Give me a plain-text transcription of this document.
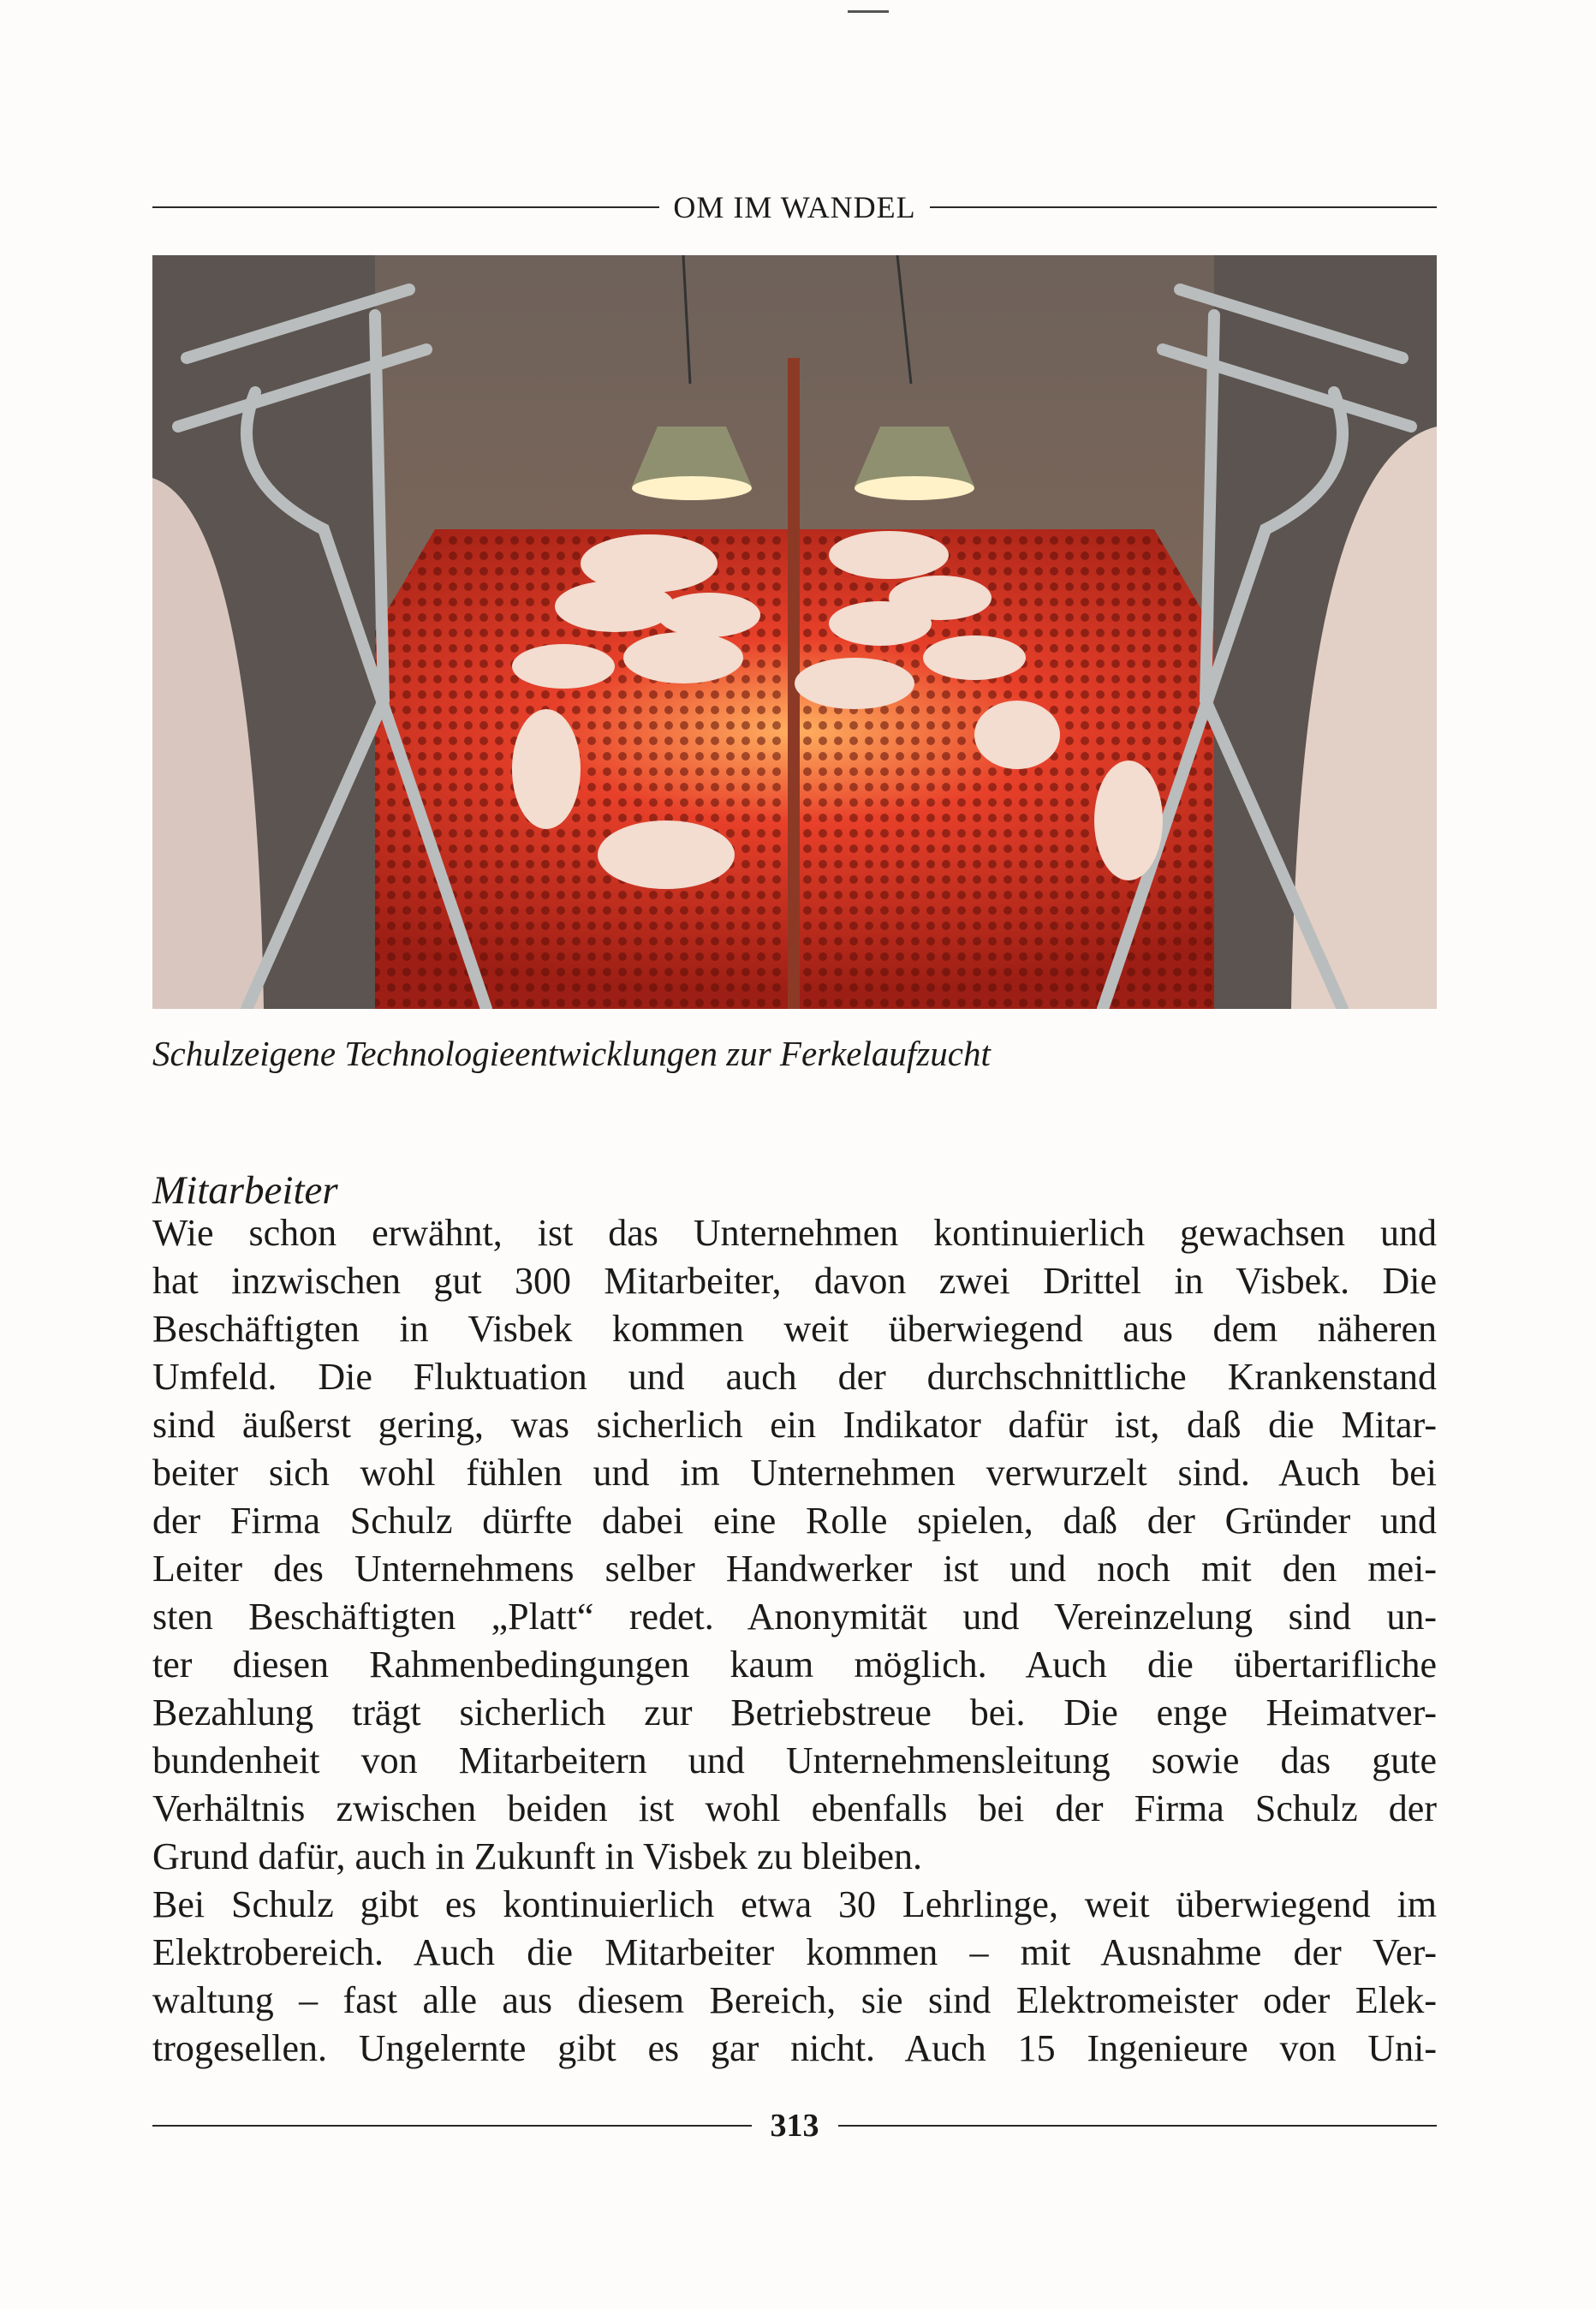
OM IM WANDEL
Schulzeigene Technologieentwicklungen zur Ferkelaufzucht
Mitarbeiter
Wie schon erwähnt, ist das Unternehmen kontinuierlich gewachsen und
hat inzwischen gut 300 Mitarbeiter, davon zwei Drittel in Visbek. Die
Beschäftigten in Visbek kommen weit überwiegend aus dem näheren
Umfeld. Die Fluktuation und auch der durchschnittliche Krankenstand
sind äußerst gering, was sicherlich ein Indikator dafür ist, daß die Mitar-
beiter sich wohl fühlen und im Unternehmen verwurzelt sind. Auch bei
der Firma Schulz dürfte dabei eine Rolle spielen, daß der Gründer und
Leiter des Unternehmens selber Handwerker ist und noch mit den mei-
sten Beschäftigten „Platt“ redet. Anonymität und Vereinzelung sind un-
ter diesen Rahmenbedingungen kaum möglich. Auch die übertarifliche
Bezahlung trägt sicherlich zur Betriebstreue bei. Die enge Heimatver-
bundenheit von Mitarbeitern und Unternehmensleitung sowie das gute
Verhältnis zwischen beiden ist wohl ebenfalls bei der Firma Schulz der
Grund dafür, auch in Zukunft in Visbek zu bleiben.
Bei Schulz gibt es kontinuierlich etwa 30 Lehrlinge, weit überwiegend im
Elektrobereich. Auch die Mitarbeiter kommen – mit Ausnahme der Ver-
waltung – fast alle aus diesem Bereich, sie sind Elektromeister oder Elek-
trogesellen. Ungelernte gibt es gar nicht. Auch 15 Ingenieure von Uni-
313
